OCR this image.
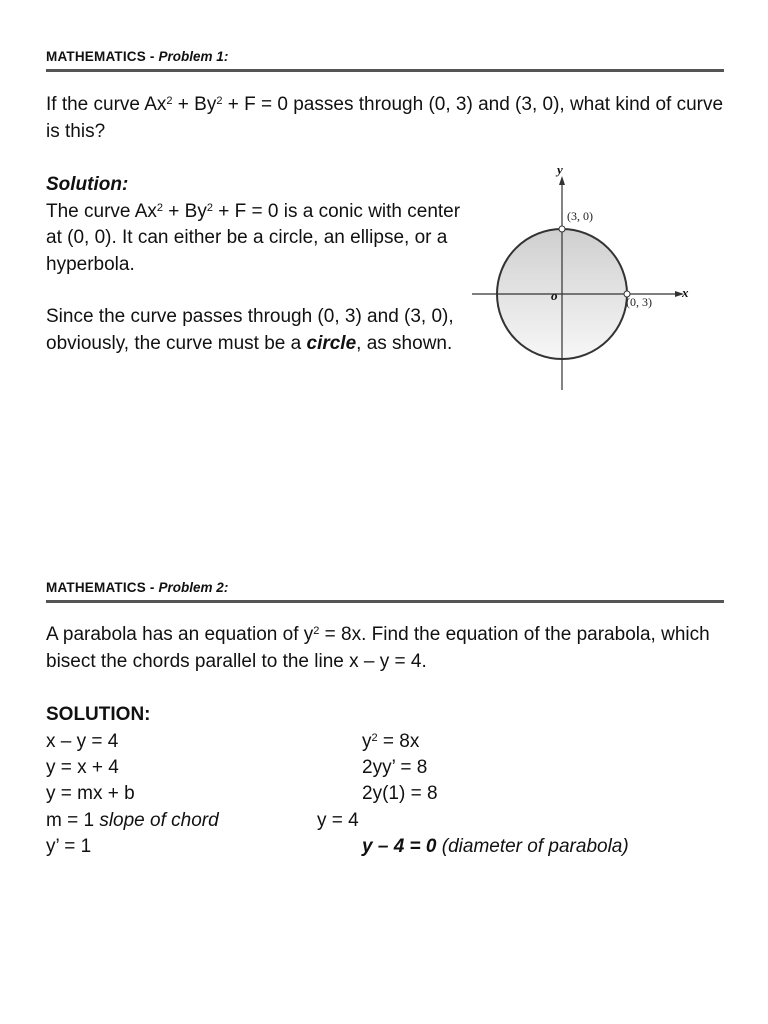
MATHEMATICS - Problem 1:

If the curve $Ax^2 + By^2 + F = 0$ passes through (0, 3) and (3, 0), what kind of curve is this?

Solution:

The curve $Ax^2 + By^2 + F = 0$ is a conic with center at (0, 0). It can either be a circle, an ellipse, or a hyperbola.

Since the curve passes through (0, 3) and (3, 0), obviously, the curve must be a circle, as shown.

y
x
o
(3, 0)
(0, 3)
MATHEMATICS - Problem 2:

A parabola has an equation of $y^2 = 8x$. Find the equation of the parabola, which bisect the chords parallel to the line x – y = 4.

SOLUTION:
x – y = 4
y = x + 4
y = mx + b
m = 1 slope of chord
y’ = 1
$y^2 = 8x$
2yy’ = 8
2y(1) = 8
y = 4
y – 4 = 0 (diameter of parabola)
